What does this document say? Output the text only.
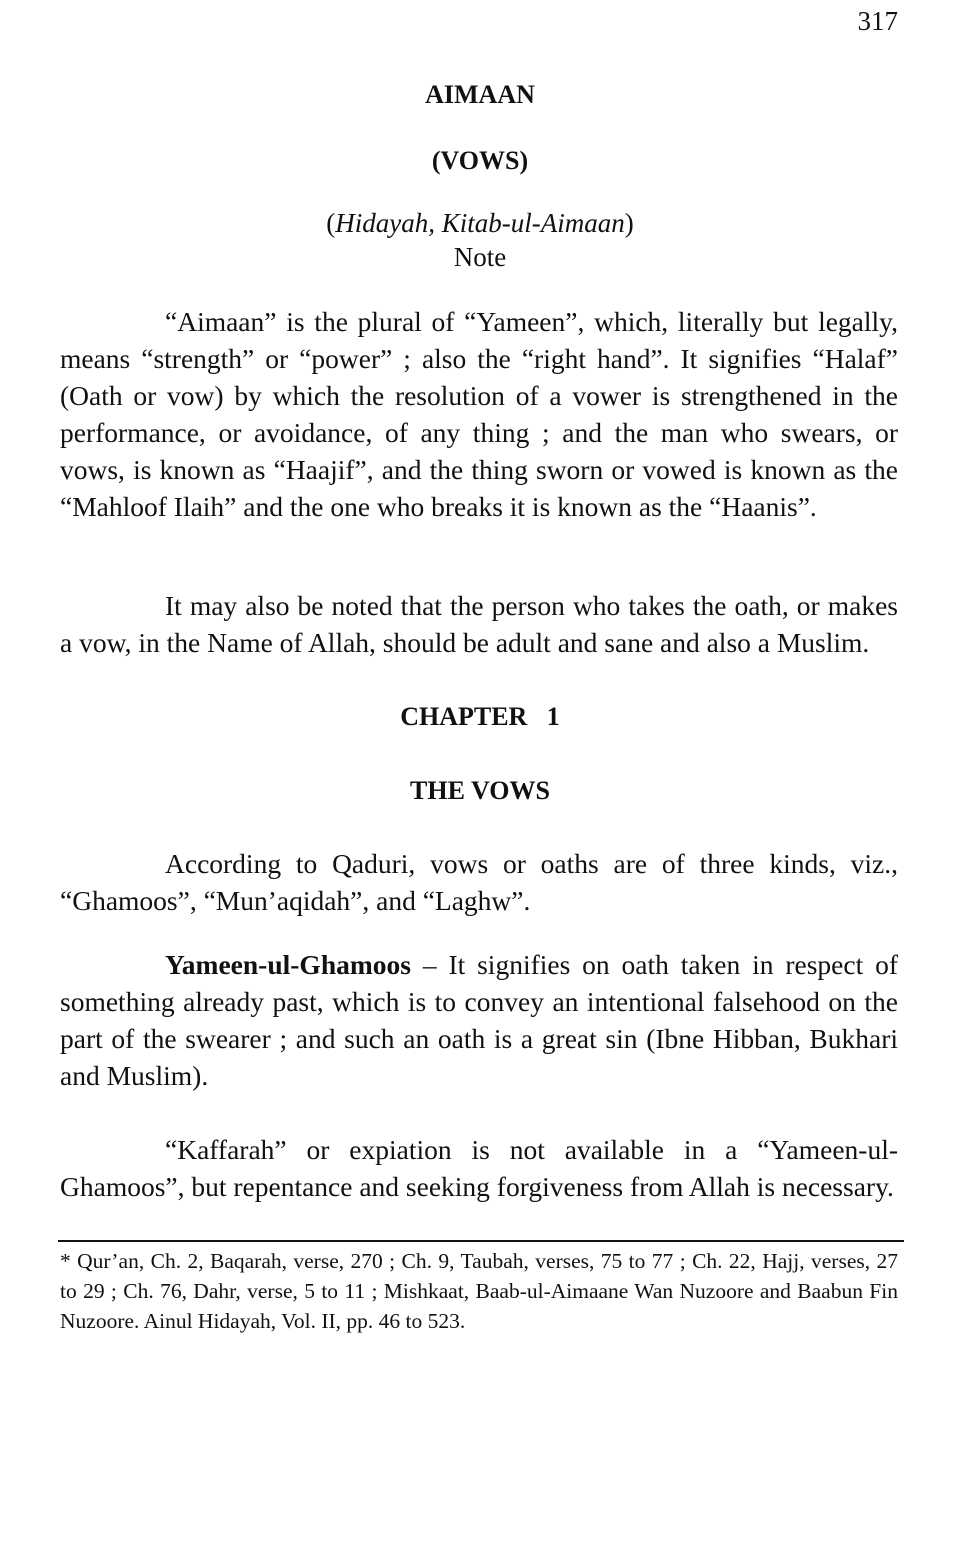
317
AIMAAN
(VOWS)
(Hidayah, Kitab-ul-Aimaan)
Note

“Aimaan” is the plural of “Yameen”, which, literally but legally, means “strength” or “power” ; also the “right hand”. It signifies “Halaf” (Oath or vow) by which the resolution of a vower is strengthened in the performance, or avoidance, of any thing ; and the man who swears, or vows, is known as “Haajif”, and the thing sworn or vowed is known as the “Mahloof Ilaih” and the one who breaks it is known as the “Haanis”.

It may also be noted that the person who takes the oath, or makes a vow, in the Name of Allah, should be adult and sane and also a Muslim.

CHAPTER   1
THE VOWS

According to Qaduri, vows or oaths are of three kinds, viz., “Ghamoos”, “Mun’aqidah”, and “Laghw”.

Yameen-ul-Ghamoos – It signifies on oath taken in respect of something already past, which is to convey an intentional falsehood on the part of the swearer ; and such an oath is a great sin (Ibne Hibban, Bukhari and Muslim).

“Kaffarah” or expiation is not available in a “Yameen-ul-Ghamoos”, but repentance and seeking forgiveness from Allah is necessary.

* Qur’an, Ch. 2, Baqarah, verse, 270 ; Ch. 9, Taubah, verses, 75 to 77 ; Ch. 22, Hajj, verses, 27 to 29 ; Ch. 76, Dahr, verse, 5 to 11 ; Mishkaat, Baab-ul-Aimaane Wan Nuzoore and Baabun Fin Nuzoore. Ainul Hidayah, Vol. II, pp. 46 to 523.
